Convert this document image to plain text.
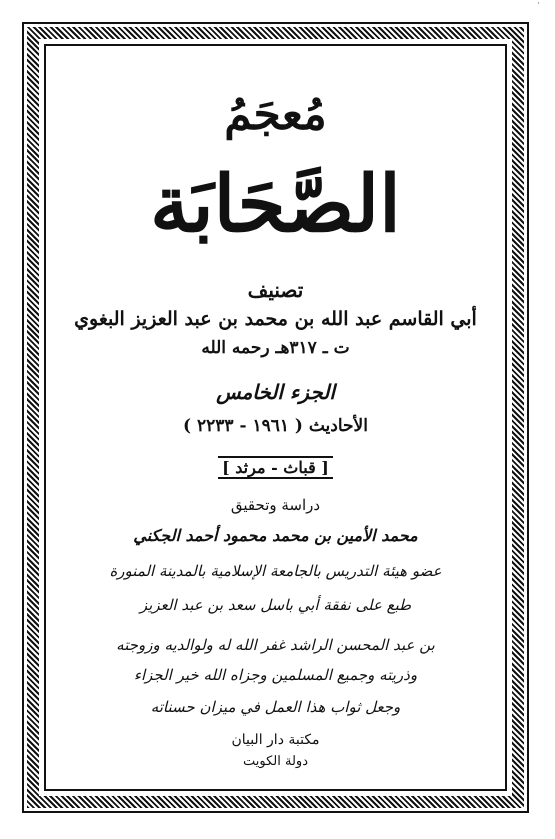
˙
مُعجَمُ
الصَّحَابَة
تصنيف
أبي القاسم عبد الله بن محمد بن عبد العزيز البغوي
ت ـ ٣١٧هـ رحمه الله
الجزء الخامس
الأحاديث ( ١٩٦١ - ٢٢٣٣ )
[ قباث - مرثد ]
دراسة وتحقيق
محمد الأمين بن محمد محمود أحمد الجكني
عضو هيئة التدريس بالجامعة الإسلامية بالمدينة المنورة
طبع على نفقة أبي باسل سعد بن عبد العزيز
بن عبد المحسن الراشد غفر الله له ولوالديه وزوجته
وذريته وجميع المسلمين وجزاه الله خير الجزاء
وجعل ثواب هذا العمل في ميزان حسناته
مكتبة دار البيان
دولة الكويت
